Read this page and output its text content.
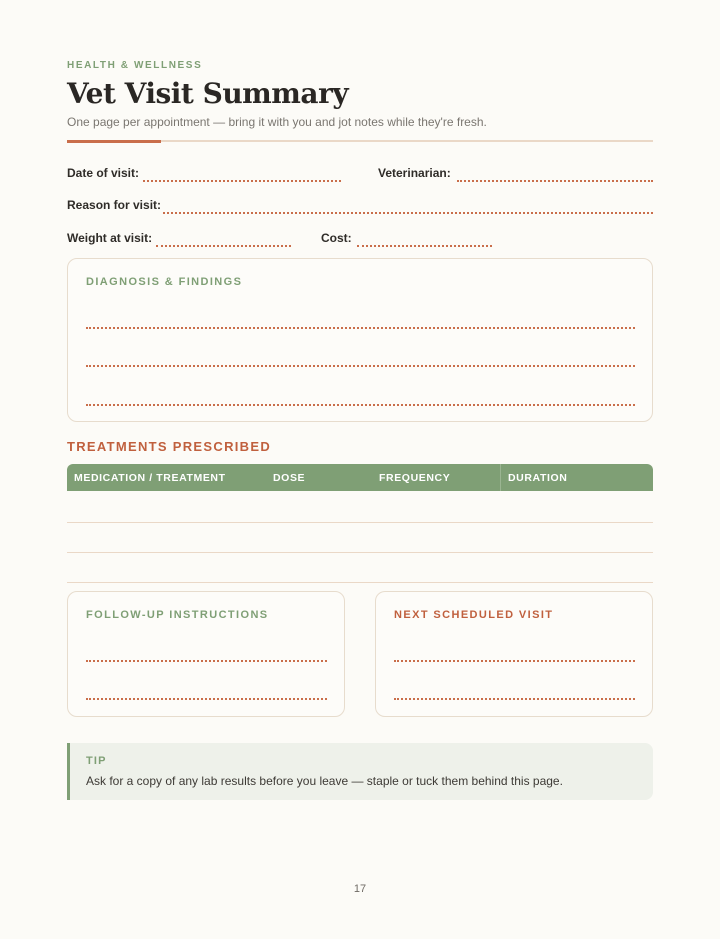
HEALTH & WELLNESS
Vet Visit Summary
One page per appointment — bring it with you and jot notes while they're fresh.
Date of visit:	Veterinarian:
Reason for visit:
Weight at visit:	Cost:
DIAGNOSIS & FINDINGS
TREATMENTS PRESCRIBED
MEDICATION / TREATMENT	DOSE	FREQUENCY	DURATION
FOLLOW-UP INSTRUCTIONS	NEXT SCHEDULED VISIT
TIP
Ask for a copy of any lab results before you leave — staple or tuck them behind this page.
17
